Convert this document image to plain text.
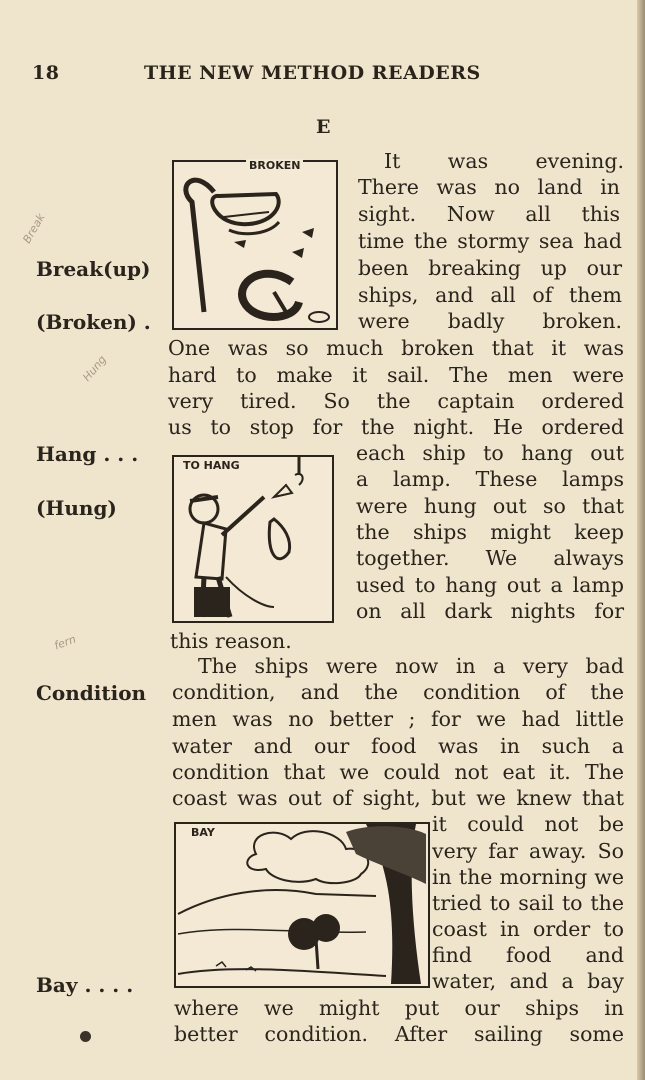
18	THE NEW METHOD READERS
E
BROKEN
TO HANG
BAY
Break(up)
(Broken) .
Hang . . .
(Hung)
Condition
Bay . . . .
It was evening.
There was no land in
sight. Now all this
time the stormy sea had
been breaking up our
ships, and all of them
were badly broken.
One was so much broken that it was
hard to make it sail. The men were
very tired. So the captain ordered
us to stop for the night. He ordered
each ship to hang out
a lamp. These lamps
were hung out so that
the ships might keep
together. We always
used to hang out a lamp
on all dark nights for
this reason.
The ships were now in a very bad
condition, and the condition of the
men was no better ; for we had little
water and our food was in such a
condition that we could not eat it. The
coast was out of sight, but we knew that
it could not be
very far away. So
in the morning we
tried to sail to the
coast in order to
find food and
water, and a bay
where we might put our ships in
better condition. After sailing some
Break
Hung
fern
